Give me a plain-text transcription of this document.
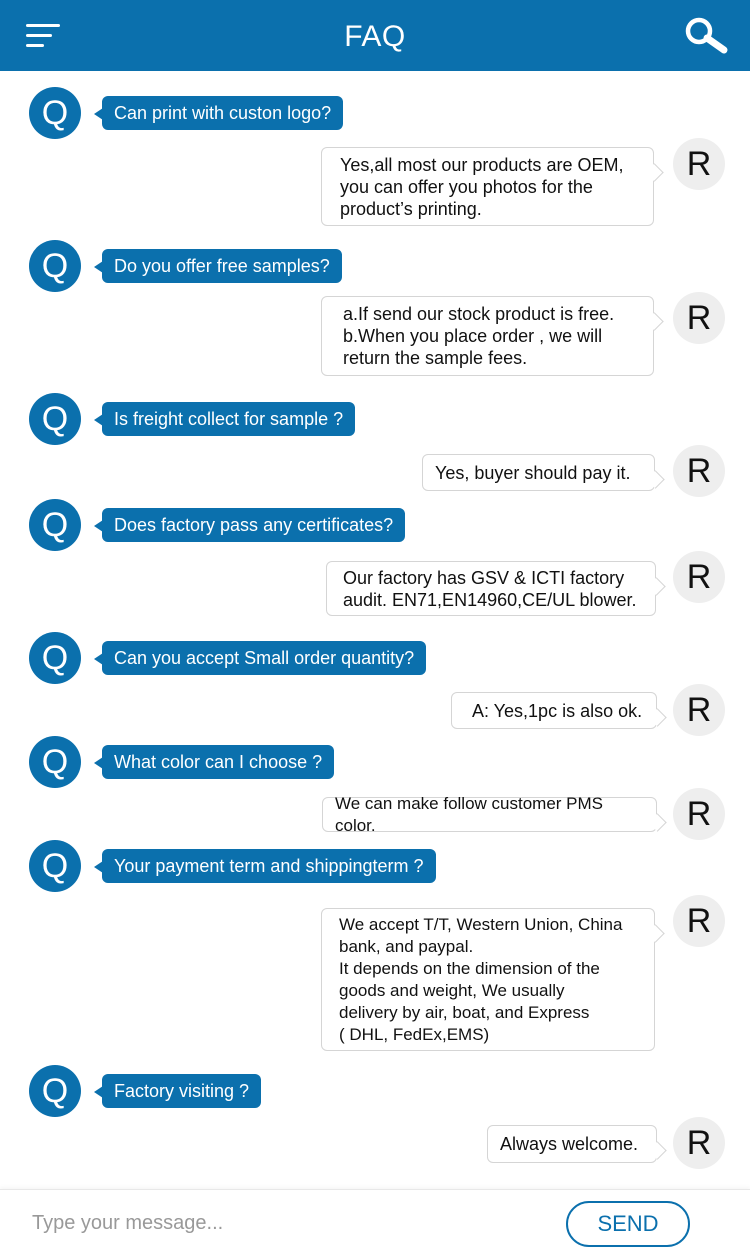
FAQ
Q	Can print with custon logo?
R
Yes,all most our products are OEM,
you can offer you photos for the
product’s printing.
Q	Do you offer free samples?
R
a.If send our stock product is free.
b.When you place order , we will
return the sample fees.
Q	Is freight collect for sample ?
R
Yes, buyer should pay it.
Q	Does factory pass any certificates?
R
Our factory has GSV & ICTI factory
audit. EN71,EN14960,CE/UL blower.
Q	Can you accept Small order quantity?
R
A: Yes,1pc is also ok.
Q	What color can I choose ?
R
We can make follow customer PMS color.
Q	Your payment term and shippingterm ?
R
We accept T/T, Western Union, China
bank, and paypal.
It depends on the dimension of the
goods and weight, We usually
delivery by air, boat, and Express
( DHL, FedEx,EMS)
Q	Factory visiting ?
R
Always welcome.
Type your message...
SEND
